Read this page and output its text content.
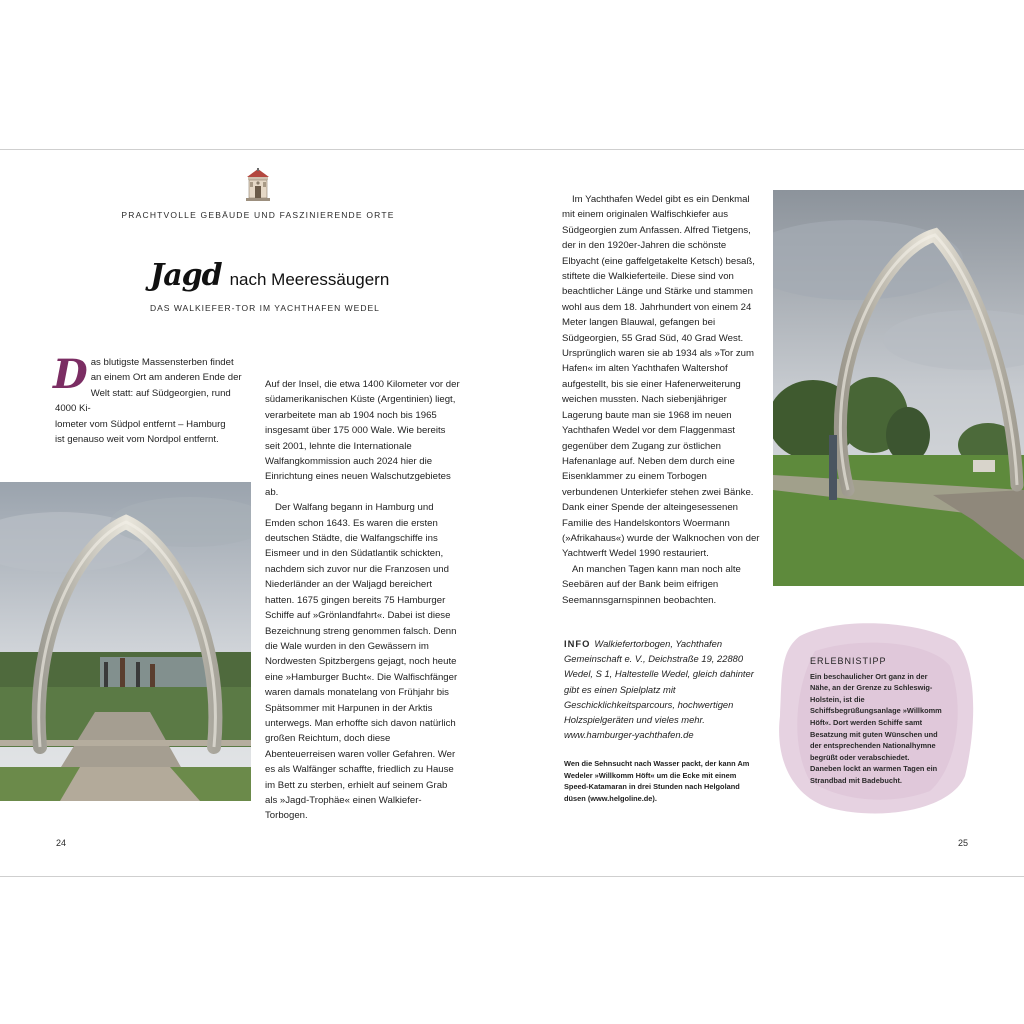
PRACHTVOLLE GEBÄUDE UND FASZINIERENDE ORTE
Jagd nach Meeressäugern
DAS WALKIEFER-TOR IM YACHTHAFEN WEDEL
D as blutigste Massensterben findet
an einem Ort am anderen Ende der
Welt statt: auf Südgeorgien, rund 4000 Ki-
lometer vom Südpol entfernt – Hamburg
ist genauso weit vom Nordpol entfernt.

Auf der Insel, die etwa 1400 Kilometer vor der südamerikanischen Küste (Argentinien) liegt, verarbeitete man ab 1904 noch bis 1965 insgesamt über 175 000 Wale. Wie bereits seit 2001, lehnte die Internationale Walfangkommission auch 2024 hier die Einrichtung eines neuen Walschutzgebietes ab.

Der Walfang begann in Hamburg und Emden schon 1643. Es waren die ersten deutschen Städte, die Walfangschiffe ins Eismeer und in den Südatlantik schickten, nachdem sich zuvor nur die Franzosen und Niederländer an der Waljagd bereichert hatten. 1675 gingen bereits 75 Hamburger Schiffe auf »Grönlandfahrt«. Dabei ist diese Bezeichnung streng genommen falsch. Denn die Wale wurden in den Gewässern im Nordwesten Spitzbergens gejagt, noch heute eine »Hamburger Bucht«. Die Walfischfänger waren damals monatelang von Frühjahr bis Spätsommer mit Harpunen in der Arktis unterwegs. Man erhoffte sich davon natürlich großen Reichtum, doch diese Abenteuerreisen waren voller Gefahren. Wer es als Walfänger schaffte, friedlich zu Hause im Bett zu sterben, erhielt auf seinem Grab als »Jagd-Trophäe« einen Walkiefer-Torbogen.

24

Im Yachthafen Wedel gibt es ein Denkmal mit einem originalen Walfischkiefer aus Südgeorgien zum Anfassen. Alfred Tietgens, der in den 1920er-Jahren die schönste Elbyacht (eine gaffelgetakelte Ketsch) besaß, stiftete die Walkieferteile. Diese sind von beachtlicher Länge und Stärke und stammen wohl aus dem 18. Jahrhundert von einem 24 Meter langen Blauwal, gefangen bei Südgeorgien, 55 Grad Süd, 40 Grad West. Ursprünglich waren sie ab 1934 als »Tor zum Hafen« im alten Yachthafen Waltershof aufgestellt, bis sie einer Hafenerweiterung weichen mussten. Nach siebenjähriger Lagerung baute man sie 1968 im neuen Yachthafen Wedel vor dem Flaggenmast gegenüber dem Zugang zur östlichen Hafenanlage auf. Neben dem durch eine Eisenklammer zu einem Torbogen verbundenen Unterkiefer stehen zwei Bänke. Dank einer Spende der alteingesessenen Familie des Handelskontors Woermann (»Afrikahaus«) wurde der Walknochen von der Yachtwerft Wedel 1990 restauriert.

An manchen Tagen kann man noch alte Seebären auf der Bank beim eifrigen Seemannsgarnspinnen beobachten.

INFO Walkiefertorbogen, Yachthafen Gemeinschaft e. V., Deichstraße 19, 22880 Wedel, S 1, Haltestelle Wedel, gleich dahinter gibt es einen Spielplatz mit Geschicklichkeitsparcours, hochwertigen Holzspielgeräten und vieles mehr. www.hamburger-yachthafen.de
Wen die Sehnsucht nach Wasser packt, der kann Am Wedeler »Willkomm Höft« um die Ecke mit einem Speed-Katamaran in drei Stunden nach Helgoland düsen (www.helgoline.de).
ERLEBNISTIPP
Ein beschaulicher Ort ganz in der Nähe, an der Grenze zu Schleswig-Holstein, ist die Schiffsbegrüßungsanlage »Willkomm Höft«. Dort werden Schiffe samt Besatzung mit guten Wünschen und der entsprechenden Nationalhymne begrüßt oder verabschiedet. Daneben lockt an warmen Tagen ein Strandbad mit Badebucht.
25
